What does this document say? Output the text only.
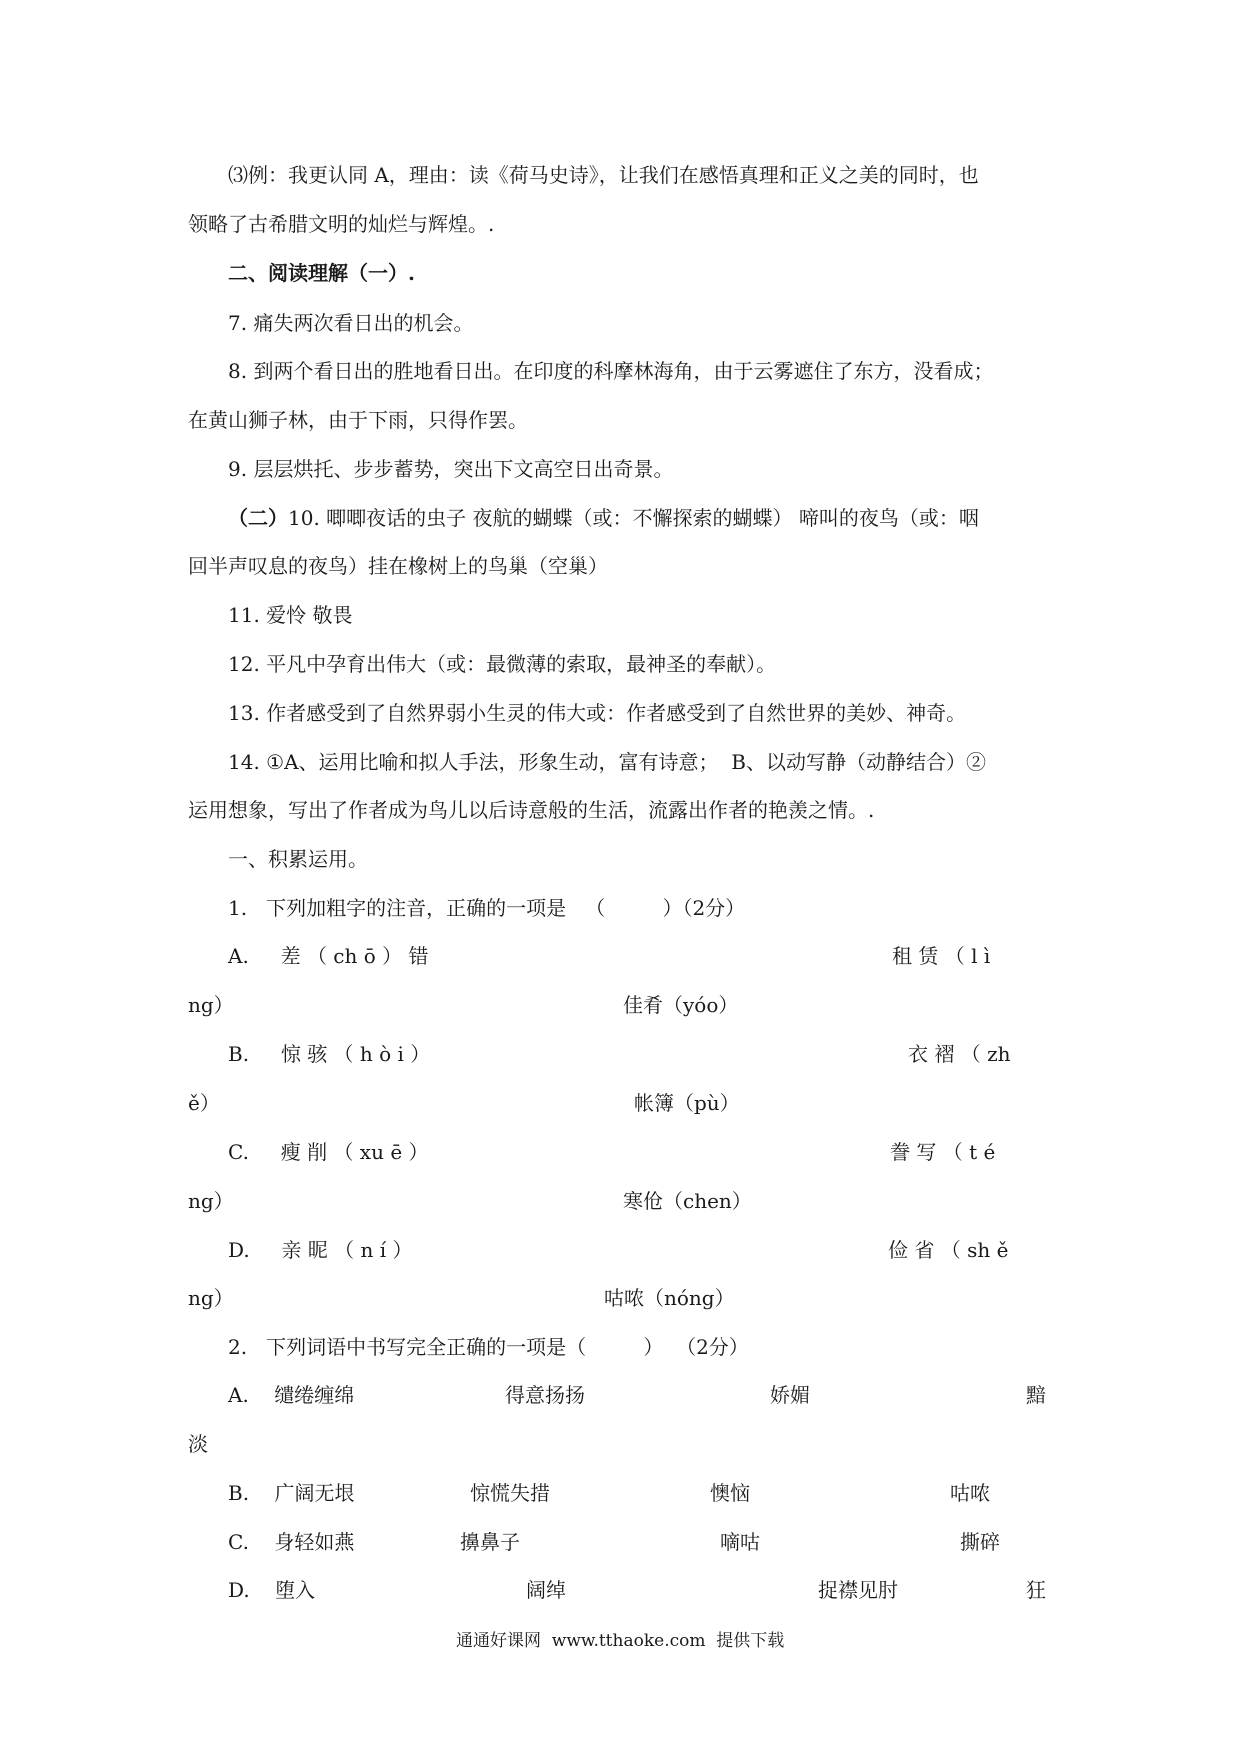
⑶例：我更认同 A，理由：读《荷马史诗》，让我们在感悟真理和正义之美的同时，也
领略了古希腊文明的灿烂与辉煌。.
二、阅读理解（一）.
7. 痛失两次看日出的机会。
8. 到两个看日出的胜地看日出。在印度的科摩林海角，由于云雾遮住了东方，没看成；
在黄山狮子林，由于下雨，只得作罢。
9. 层层烘托、步步蓄势，突出下文高空日出奇景。
（二） 10. 唧唧夜话的虫子 夜航的蝴蝶（或：不懈探索的蝴蝶） 啼叫的夜鸟（或：咽
回半声叹息的夜鸟）挂在橡树上的鸟巢（空巢）
11. 爱怜 敬畏
12. 平凡中孕育出伟大（或：最微薄的索取，最神圣的奉献）。
13. 作者感受到了自然界弱小生灵的伟大或：作者感受到了自然世界的美妙、神奇。
14. ①A、运用比喻和拟人手法，形象生动，富有诗意；  B、以动写静（动静结合）②
运用想象，写出了作者成为鸟儿以后诗意般的生活，流露出作者的艳羡之情。.
一、积累运用。
1.   下列加粗字的注音，正确的一项是   （         ）（2分）
A.     差 （ ch ō ） 错	租 赁 （ l ì
ng）	佳肴（yóo）
B.     惊 骇 （ h ò i ）	衣 褶 （ zh
ě）	帐簿（pù）
C.     瘦 削 （ xu ē ）	誊 写 （ t é
ng）	寒伧（chen）
D.     亲 昵 （ n í ）	俭 省 （ sh ě
ng）	咕哝（nóng）
2.   下列词语中书写完全正确的一项是（         ）  （2分）
A.    缱绻缠绵	得意扬扬	娇媚	黯
淡
B.    广阔无垠	惊慌失措	懊恼	咕哝
C.    身轻如燕	擤鼻子	嘀咕	撕碎
D.    堕入	阔绰	捉襟见肘	狂
通通好课网  www.tthaoke.com  提供下载
